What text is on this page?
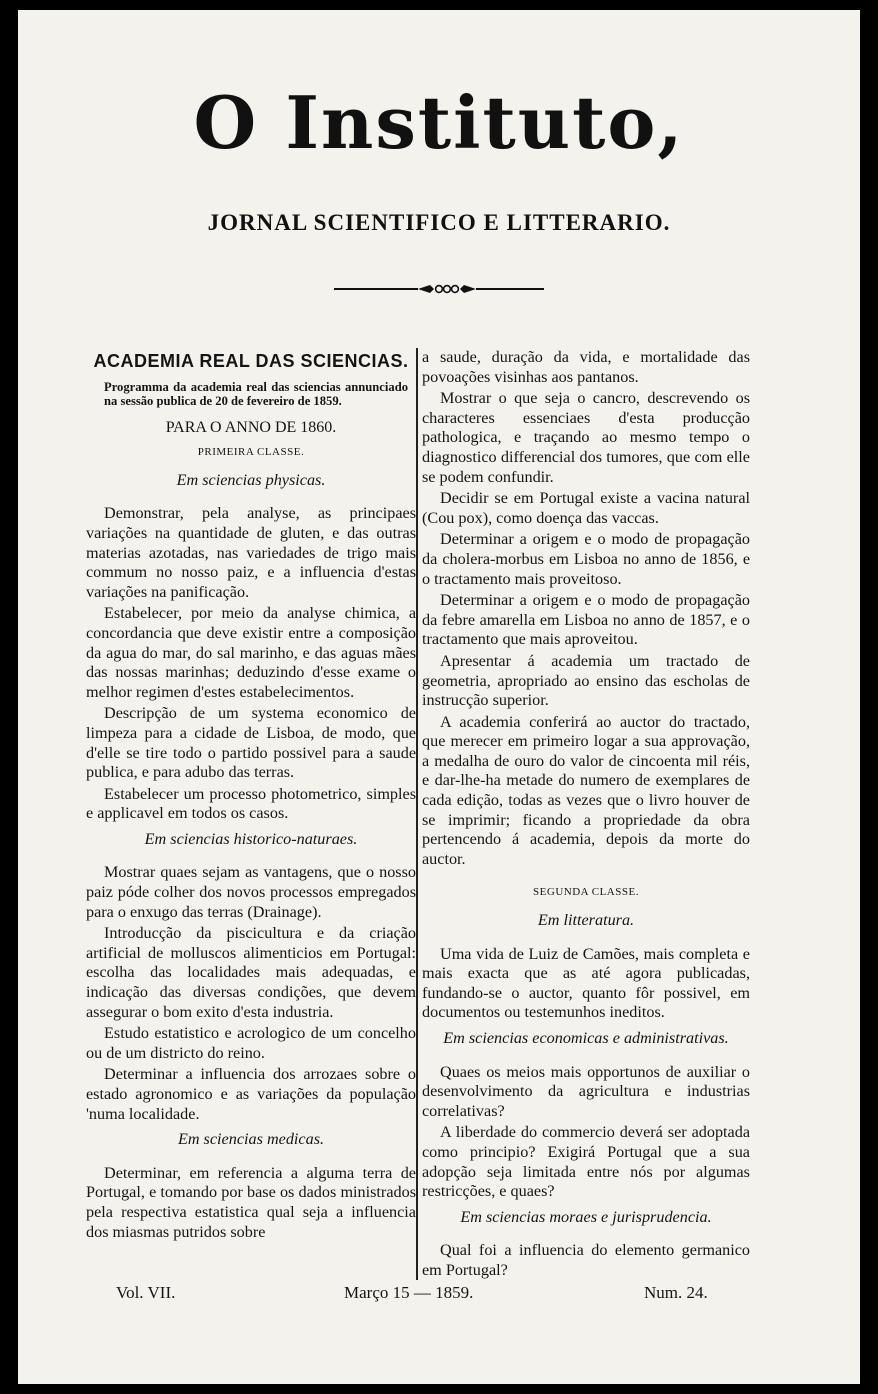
O Instituto,
JORNAL SCIENTIFICO E LITTERARIO.
ACADEMIA REAL DAS SCIENCIAS.
Programma da academia real das sciencias annunciado na sessão publica de 20 de fevereiro de 1859.
PARA O ANNO DE 1860.
PRIMEIRA CLASSE.
Em sciencias physicas.

Demonstrar, pela analyse, as principaes variações na quantidade de gluten, e das outras materias azotadas, nas variedades de trigo mais commum no nosso paiz, e a influencia d'estas variações na panificação.

Estabelecer, por meio da analyse chimica, a concordancia que deve existir entre a composição da agua do mar, do sal marinho, e das aguas mães das nossas marinhas; deduzindo d'esse exame o melhor regimen d'estes estabelecimentos.

Descripção de um systema economico de limpeza para a cidade de Lisboa, de modo, que d'elle se tire todo o partido possivel para a saude publica, e para adubo das terras.

Estabelecer um processo photometrico, simples e applicavel em todos os casos.

Em sciencias historico-naturaes.

Mostrar quaes sejam as vantagens, que o nosso paiz póde colher dos novos processos empregados para o enxugo das terras (Drainage).

Introducção da piscicultura e da criação artificial de molluscos alimenticios em Portugal: escolha das localidades mais adequadas, e indicação das diversas condições, que devem assegurar o bom exito d'esta industria.

Estudo estatistico e acrologico de um concelho ou de um districto do reino.

Determinar a influencia dos arrozaes sobre o estado agronomico e as variações da população 'numa localidade.

Em sciencias medicas.

Determinar, em referencia a alguma terra de Portugal, e tomando por base os dados ministrados pela respectiva estatistica qual seja a influencia dos miasmas putridos sobre

a saude, duração da vida, e mortalidade das povoações visinhas aos pantanos.

Mostrar o que seja o cancro, descrevendo os characteres essenciaes d'esta producção pathologica, e traçando ao mesmo tempo o diagnostico differencial dos tumores, que com elle se podem confundir.

Decidir se em Portugal existe a vacina natural (Cou pox), como doença das vaccas.

Determinar a origem e o modo de propagação da cholera-morbus em Lisboa no anno de 1856, e o tractamento mais proveitoso.

Determinar a origem e o modo de propagação da febre amarella em Lisboa no anno de 1857, e o tractamento que mais aproveitou.

Apresentar á academia um tractado de geometria, apropriado ao ensino das escholas de instrucção superior.

A academia conferirá ao auctor do tractado, que merecer em primeiro logar a sua approvação, a medalha de ouro do valor de cincoenta mil réis, e dar-lhe-ha metade do numero de exemplares de cada edição, todas as vezes que o livro houver de se imprimir; ficando a propriedade da obra pertencendo á academia, depois da morte do auctor.

SEGUNDA CLASSE.
Em litteratura.

Uma vida de Luiz de Camões, mais completa e mais exacta que as até agora publicadas, fundando-se o auctor, quanto fôr possivel, em documentos ou testemunhos ineditos.

Em sciencias economicas e administrativas.

Quaes os meios mais opportunos de auxiliar o desenvolvimento da agricultura e industrias correlativas?

A liberdade do commercio deverá ser adoptada como principio? Exigirá Portugal que a sua adopção seja limitada entre nós por algumas restricções, e quaes?

Em sciencias moraes e jurisprudencia.

Qual foi a influencia do elemento germanico em Portugal?

Vol. VII.	Março 15 — 1859.	Num. 24.
